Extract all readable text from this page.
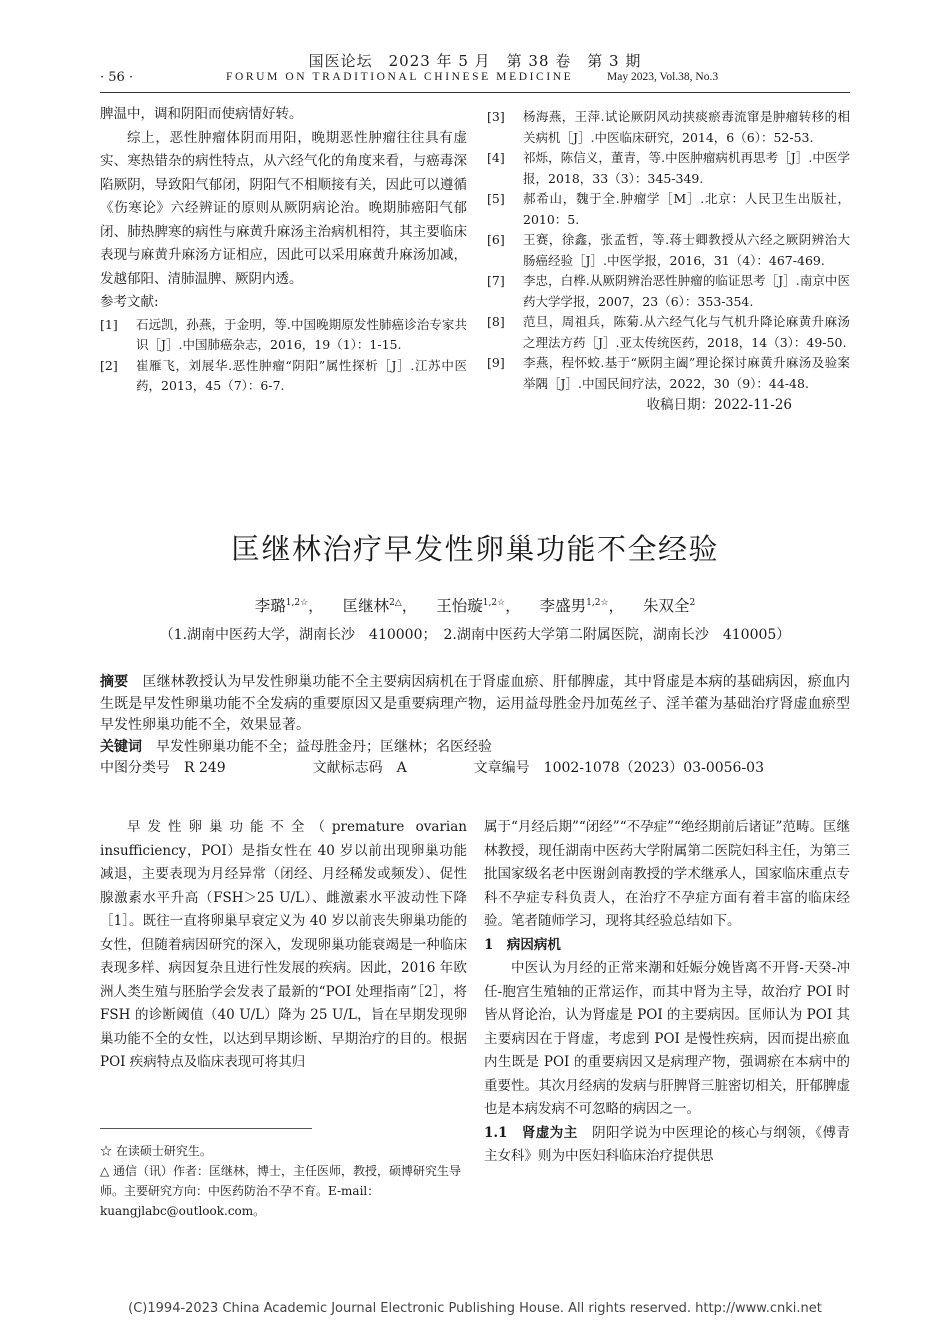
国医论坛　2023 年 5 月　第 38 卷　第 3 期
· 56 ·	FORUM ON TRADITIONAL CHINESE MEDICINE	May 2023, Vol.38, No.3

脾温中，调和阴阳而使病情好转。

综上，恶性肿瘤体阴而用阳，晚期恶性肿瘤往往具有虚实、寒热错杂的病性特点，从六经气化的角度来看，与癌毒深陷厥阴，导致阳气郁闭，阴阳气不相顺接有关，因此可以遵循《伤寒论》六经辨证的原则从厥阴病论治。晚期肺癌阳气郁闭、肺热脾寒的病性与麻黄升麻汤主治病机相符，其主要临床表现与麻黄升麻汤方证相应，因此可以采用麻黄升麻汤加减，发越郁阳、清肺温脾、厥阴内透。

参考文献:

[1]	石远凯，孙燕，于金明，等.中国晚期原发性肺癌诊治专家共识［J］.中国肺癌杂志，2016，19（1）：1-15.
[2]	崔雁飞，刘展华.恶性肿瘤“阴阳”属性探析［J］.江苏中医药，2013，45（7）：6-7.
[3]	杨海燕，王萍.试论厥阴风动挟痰瘀毒流窜是肿瘤转移的相关病机［J］.中医临床研究，2014，6（6）：52-53.
[4]	祁烁，陈信义，董青，等.中医肿瘤病机再思考［J］.中医学报，2018，33（3）：345-349.
[5]	郝希山，魏于全.肿瘤学［M］.北京：人民卫生出版社，2010：5.
[6]	王赛，徐鑫，张孟哲，等.蒋士卿教授从六经之厥阴辨治大肠癌经验［J］.中医学报，2016，31（4）：467-469.
[7]	李忠，白桦.从厥阴辨治恶性肿瘤的临证思考［J］.南京中医药大学学报，2007，23（6）：353-354.
[8]	范旦，周祖兵，陈菊.从六经气化与气机升降论麻黄升麻汤之理法方药［J］.亚太传统医药，2018，14（3）：49-50.
[9]	李燕，程怀蛟.基于“厥阴主阖”理论探讨麻黄升麻汤及验案举隅［J］.中国民间疗法，2022，30（9）：44-48.
收稿日期：2022-11-26
匡继林治疗早发性卵巢功能不全经验
李璐$^{1,2☆}$， 匡继林$^{2\triangle}$， 王怡璇$^{1,2☆}$， 李盛男$^{1,2☆}$， 朱双全$^2$
（1.湖南中医药大学，湖南长沙　410000；　2.湖南中医药大学第二附属医院，湖南长沙　410005）

摘要 匡继林教授认为早发性卵巢功能不全主要病因病机在于肾虚血瘀、肝郁脾虚，其中肾虚是本病的基础病因，瘀血内生既是早发性卵巢功能不全发病的重要原因又是重要病理产物，运用益母胜金丹加菟丝子、淫羊藿为基础治疗肾虚血瘀型早发性卵巢功能不全，效果显著。

关键词 早发性卵巢功能不全；益母胜金丹；匡继林；名医经验

中图分类号 R 249	文献标志码 A	文章编号 1002-1078（2023）03-0056-03

早发性卵巢功能不全（premature ovarian insufficiency，POI）是指女性在 40 岁以前出现卵巢功能减退，主要表现为月经异常（闭经、月经稀发或频发）、促性腺激素水平升高（FSH＞25 U/L）、雌激素水平波动性下降［1］。既往一直将卵巢早衰定义为 40 岁以前丧失卵巢功能的女性，但随着病因研究的深入，发现卵巢功能衰竭是一种临床表现多样、病因复杂且进行性发展的疾病。因此，2016 年欧洲人类生殖与胚胎学会发表了最新的“POI 处理指南”［2］，将 FSH 的诊断阈值（40 U/L）降为 25 U/L，旨在早期发现卵巢功能不全的女性，以达到早期诊断、早期治疗的目的。根据 POI 疾病特点及临床表现可将其归

属于“月经后期”“闭经”“不孕症”“绝经期前后诸证”范畴。匡继林教授，现任湖南中医药大学附属第二医院妇科主任，为第三批国家级名老中医谢剑南教授的学术继承人，国家临床重点专科不孕症专科负责人，在治疗不孕症方面有着丰富的临床经验。笔者随师学习，现将其经验总结如下。

1　病因病机

中医认为月经的正常来潮和妊娠分娩皆离不开肾-天癸-冲任-胞宫生殖轴的正常运作，而其中肾为主导，故治疗 POI 时皆从肾论治，认为肾虚是 POI 的主要病因。匡师认为 POI 其主要病因在于肾虚，考虑到 POI 是慢性疾病，因而提出瘀血内生既是 POI 的重要病因又是病理产物，强调瘀在本病中的重要性。其次月经病的发病与肝脾肾三脏密切相关，肝郁脾虚也是本病发病不可忽略的病因之一。

1.1　肾虚为主 阴阳学说为中医理论的核心与纲领，《傅青主女科》则为中医妇科临床治疗提供思

☆ 在读硕士研究生。

△ 通信（讯）作者：匡继林，博士，主任医师，教授，硕博研究生导师。主要研究方向：中医药防治不孕不育。E-mail：kuangjlabc@outlook.com。

(C)1994-2023 China Academic Journal Electronic Publishing House. All rights reserved. http://www.cnki.net
